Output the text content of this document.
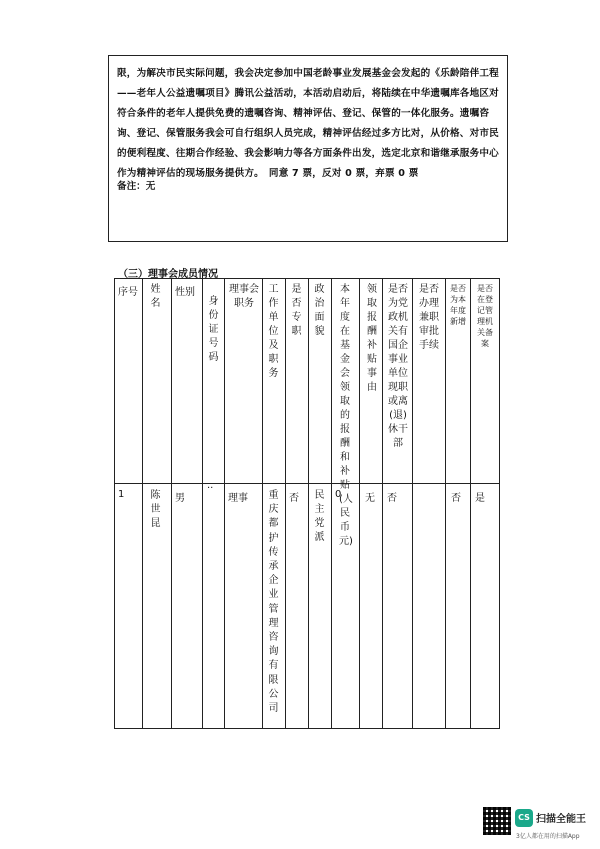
限，为解决市民实际问题，我会决定参加中国老龄事业发展基金会发起的《乐龄陪伴工程——老年人公益遗嘱项目》腾讯公益活动，本活动启动后，将陆续在中华遗嘱库各地区对符合条件的老年人提供免费的遗嘱咨询、精神评估、登记、保管的一体化服务。遗嘱咨询、登记、保管服务我会可自行组织人员完成，精神评估经过多方比对，从价格、对市民的便利程度、往期合作经验、我会影响力等各方面条件出发，选定北京和谐继承服务中心作为精神评估的现场服务提供方。　同意 7 票，反对 0 票，弃票 0 票

备注：无

（三）理事会成员情况

序号 姓名
性别
身份证号码
理事会职务
工作单位及职务
是否专职
政治面貌
本年度在基金会领取的报酬和补贴(人民币元)
领取报酬补贴事由
是否为党政机关有国企事业单位现职或离(退)休干部
是否办理兼职审批手续
是否为本年度新增
是否在登记管理机关备案
1	陈世昆
男
··
理事 重庆都护传承企业管理咨询有限公司
否 民主党派
0 无 否	否 是
CS 扫描全能王
3亿人都在用的扫描App
